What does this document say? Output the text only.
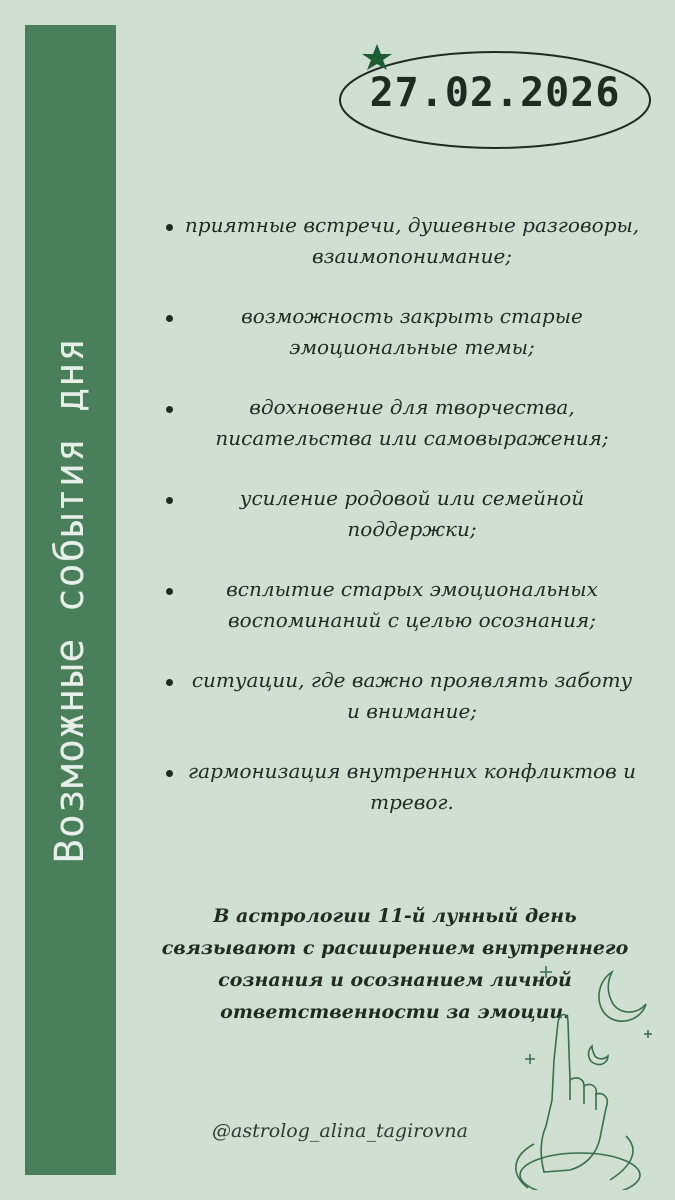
Возможные события дня
27.02.2026
приятные встречи, душевные разговоры, взаимопонимание;
возможность закрыть старые эмоциональные темы;
вдохновение для творчества, писательства или самовыражения;
усиление родовой или семейной поддержки;
всплытие старых эмоциональных воспоминаний с целью осознания;
ситуации, где важно проявлять заботу и внимание;
гармонизация внутренних конфликтов и тревог.
В астрологии 11-й лунный день связывают с расширением внутреннего сознания и осознанием личной ответственности за эмоции.
@astrolog_alina_tagirovna
